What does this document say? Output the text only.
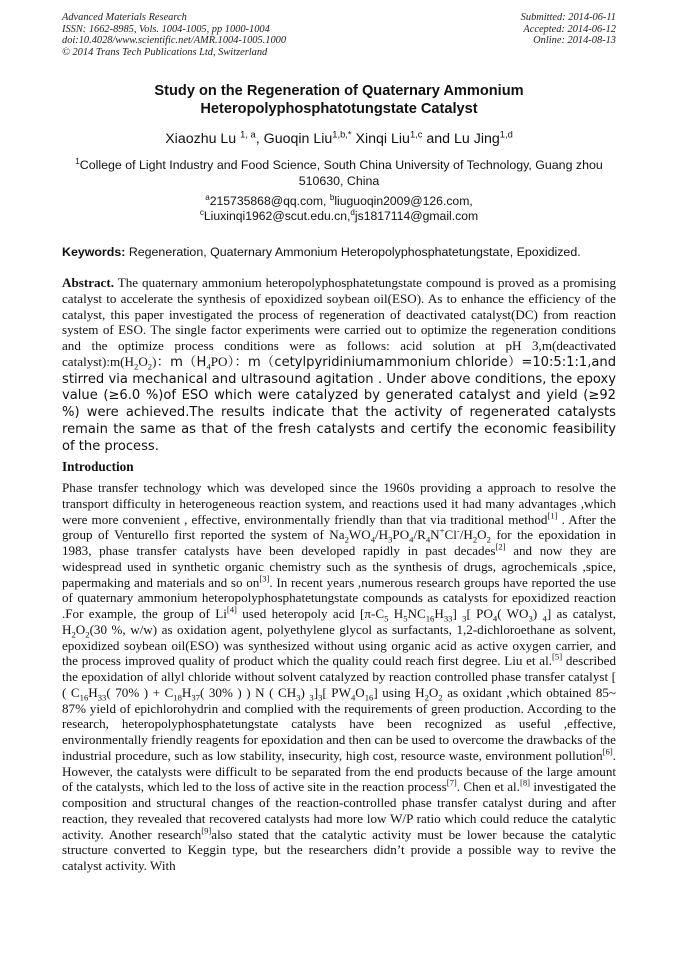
Advanced Materials Research
ISSN: 1662-8985, Vols. 1004-1005, pp 1000-1004
doi:10.4028/www.scientific.net/AMR.1004-1005.1000
© 2014 Trans Tech Publications Ltd, Switzerland
Submitted: 2014-06-11
Accepted: 2014-06-12
Online: 2014-08-13
Study on the Regeneration of Quaternary Ammonium
Heteropolyphosphatotungstate Catalyst
Xiaozhu Lu $^{1, a}$, Guoqin Liu$^{1,b,*}$ Xinqi Liu$^{1,c}$ and Lu Jing$^{1,d}$
$^1$College of Light Industry and Food Science, South China University of Technology, Guang zhou
510630, China
$^a$215735868@qq.com, $^b$liuguoqin2009@126.com,
$^c$Liuxinqi1962@scut.edu.cn,$^d$js1817114@gmail.com
Keywords: Regeneration, Quaternary Ammonium Heteropolyphosphatetungstate, Epoxidized.

Abstract. The quaternary ammonium heteropolyphosphatetungstate compound is proved as a promising catalyst to accelerate the synthesis of epoxidized soybean oil(ESO). As to enhance the efficiency of the catalyst, this paper investigated the process of regeneration of deactivated catalyst(DC) from reaction system of ESO. The single factor experiments were carried out to optimize the regeneration conditions and the optimize process conditions were as follows: acid solution at pH 3,m(deactivated $catalyst):m(H_2O_2)$：$m(H_4PO)$：m（cetylpyridiniumammonium chloride）=10:5:1:1,and stirred via mechanical and ultrasound agitation . Under above conditions, the epoxy value (≥6.0 %)of ESO which were catalyzed by generated catalyst and yield (≥92 %) were achieved.The results indicate that the activity of regenerated catalysts remain the same as that of the fresh catalysts and certify the economic feasibility of the process.

Introduction

Phase transfer technology which was developed since the 1960s providing a approach to resolve the transport difficulty in heterogeneous reaction system, and reactions used it had many advantages ,which were more convenient , effective, environmentally friendly than that via traditional method[1] . After the group of Venturello first reported the system of $Na_2WO_4/H_3PO_4/R_4N^+Cl^-/H_2O_2$ for the epoxidation in 1983, phase transfer catalysts have been developed rapidly in past decades[2] and now they are widespread used in synthetic organic chemistry such as the synthesis of drugs, agrochemicals ,spice, papermaking and materials and so on[3]. In recent years ,numerous research groups have reported the use of quaternary ammonium heteropolyphosphatetungstate compounds as catalysts for epoxidized reaction .For example, the group of Li[4] used heteropoly acid [$\pi-C_5$ $H_5NC_{16}H_{33}$] $_3$[ $PO_4$( $WO_3$) $_4$] as catalyst, $H_2O_2(30$ %, w/w) as oxidation agent, polyethylene glycol as surfactants, 1,2-dichloroethane as solvent, epoxidized soybean oil(ESO) was synthesized without using organic acid as active oxygen carrier, and the process improved quality of product which the quality could reach first degree. Liu et al.[5] described the epoxidation of allyl chloride without solvent catalyzed by reaction controlled phase transfer catalyst [ ( $C_{16}H_{33}$( 70% ) + $C_{18}H_{37}$( 30% ) ) N ( $CH_3$) $_3]_3$[ $PW_4O_{16}$] using $H_2O_2$ as oxidant ,which obtained 85~ 87% yield of epichlorohydrin and complied with the requirements of green production. According to the research, heteropolyphosphatetungstate catalysts have been recognized as useful ,effective, environmentally friendly reagents for epoxidation and then can be used to overcome the drawbacks of the industrial procedure, such as low stability, insecurity, high cost, resource waste, environment pollution[6]. However, the catalysts were difficult to be separated from the end products because of the large amount of the catalysts, which led to the loss of active site in the reaction process[7]. Chen et al.[8] investigated the composition and structural changes of the reaction-controlled phase transfer catalyst during and after reaction, they revealed that recovered catalysts had more low W/P ratio which could reduce the catalytic activity. Another research[9]also stated that the catalytic activity must be lower because the catalytic structure converted to Keggin type, but the researchers didn’t provide a possible way to revive the catalyst activity. With
